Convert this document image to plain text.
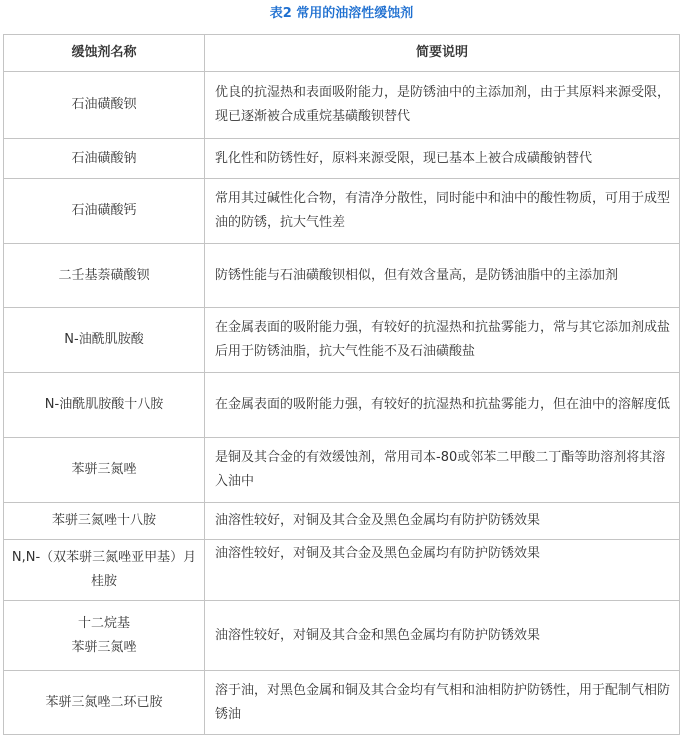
表2 常用的油溶性缓蚀剂
缓蚀剂名称	简要说明
石油磺酸钡	优良的抗湿热和表面吸附能力，是防锈油中的主添加剂，由于其原料来源受限，现已逐渐被合成重烷基磺酸钡替代
石油磺酸钠	乳化性和防锈性好，原料来源受限，现已基本上被合成磺酸钠替代
石油磺酸钙	常用其过碱性化合物，有清净分散性，同时能中和油中的酸性物质，可用于成型油的防锈，抗大气性差
二壬基萘磺酸钡	防锈性能与石油磺酸钡相似，但有效含量高，是防锈油脂中的主添加剂
N-油酰肌胺酸	在金属表面的吸附能力强，有较好的抗湿热和抗盐雾能力，常与其它添加剂成盐后用于防锈油脂，抗大气性能不及石油磺酸盐
N-油酰肌胺酸十八胺	在金属表面的吸附能力强，有较好的抗湿热和抗盐雾能力，但在油中的溶解度低
苯骈三氮唑	是铜及其合金的有效缓蚀剂，常用司本-80或邻苯二甲酸二丁酯等助溶剂将其溶入油中
苯骈三氮唑十八胺	油溶性较好，对铜及其合金及黑色金属均有防护防锈效果
N,N-（双苯骈三氮唑亚甲基）月桂胺	油溶性较好，对铜及其合金及黑色金属均有防护防锈效果

十二烷基
苯骈三氮唑	油溶性较好，对铜及其合金和黑色金属均有防护防锈效果
苯骈三氮唑二环已胺	溶于油，对黑色金属和铜及其合金均有气相和油相防护防锈性，用于配制气相防锈油
